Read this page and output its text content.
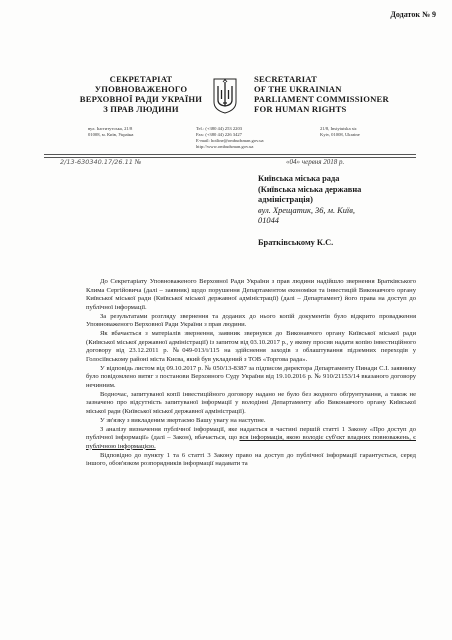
Додаток № 9
СЕКРЕТАРІАТ
УПОВНОВАЖЕНОГО
ВЕРХОВНОЇ РАДИ УКРАЇНИ
З ПРАВ ЛЮДИНИ
SECRETARIAT
OF THE UKRAINIAN
PARLIAMENT COMMISSIONER
FOR HUMAN RIGHTS
вул. Інститутська, 21/8
01008, м. Київ, Україна
Tel.: (+380 44) 253 2203
Fax: (+380 44) 226 3427
E-mail: hotline@ombudsman.gov.ua
http://www.ombudsman.gov.ua
21/8, Instytutska str.
Kyiv, 01008, Ukraine
2/13-630340.17/26.11 №	«04» червня 2018 р.
Київська міська рада
(Київська міська державна
адміністрація)
вул. Хрещатик, 36, м. Київ,
01044
Братківському К.С.

До Секретаріату Уповноваженого Верховної Ради України з прав людини надійшло звернення Братківського Клима Сергійовича (далі – заявник) щодо порушення Департаментом економіки та інвестицій Виконавчого органу Київської міської ради (Київської міської державної адміністрації) (далі – Департамент) його права на доступ до публічної інформації.

За результатами розгляду звернення та доданих до нього копій документів було відкрито провадження Уповноваженого Верховної Ради України з прав людини.

Як вбачається з матеріалів звернення, заявник звернувся до Виконавчого органу Київської міської ради (Київської міської державної адміністрації) із запитом від 03.10.2017 р., у якому просив надати копію інвестиційного договору від 23.12.2011 р. №049-013/і/115 на здійснення заходів з облаштування підземних переходів у Голосіївському районі міста Києва, який був укладений з ТОВ «Торгова рада».

У відповідь листом від 09.10.2017 р. № 050/13-8387 за підписом директора Департаменту Пинади С.І. заявнику було повідомлено витяг з постанови Верховного Суду України від 19.10.2016 р. № 910/21153/14 вказаного договору нечинним.

Водночас, запитуваної копії інвестиційного договору надано не було без жодного обґрунтування, а також не зазначено про відсутність запитуваної інформації у володінні Департаменту або Виконавчого органу Київської міської ради (Київської міської державної адміністрації).

У зв'язку з викладеним звертаємо Вашу увагу на наступне.

З аналізу визначення публічної інформації, яке надається в частині першій статті 1 Закону «Про доступ до публічної інформації» (далі – Закон), вбачається, що вся інформація, якою володіє суб'єкт владних повноважень, є публічною інформацією.

Відповідно до пункту 1 та 6 статті 3 Закону право на доступ до публічної інформації гарантується, серед іншого, обов'язком розпорядників інформації надавати та
